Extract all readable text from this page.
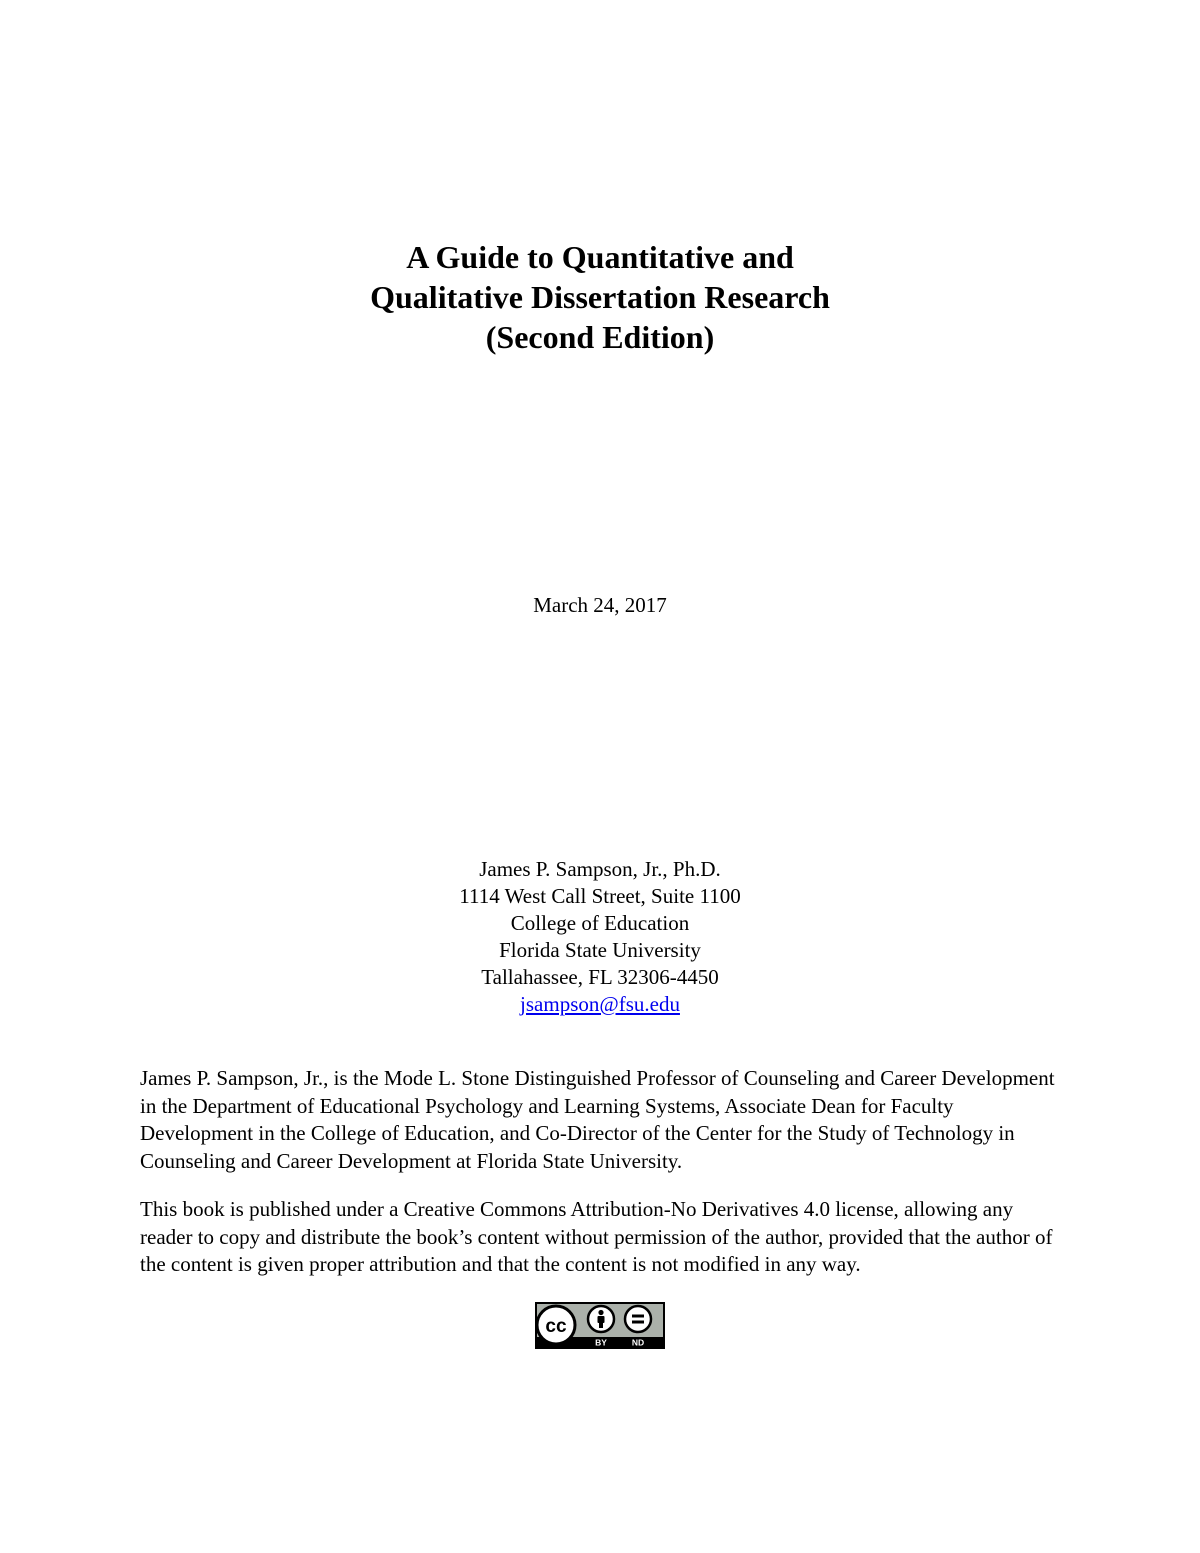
A Guide to Quantitative and
Qualitative Dissertation Research
(Second Edition)
March 24, 2017
James P. Sampson, Jr., Ph.D.
1114 West Call Street, Suite 1100
College of Education
Florida State University
Tallahassee, FL 32306-4450
jsampson@fsu.edu

James P. Sampson, Jr., is the Mode L. Stone Distinguished Professor of Counseling and Career Development in the Department of Educational Psychology and Learning Systems, Associate Dean for Faculty Development in the College of Education, and Co-Director of the Center for the Study of Technology in Counseling and Career Development at Florida State University.

This book is published under a Creative Commons Attribution-No Derivatives 4.0 license, allowing any reader to copy and distribute the book’s content without permission of the author, provided that the author of the content is given proper attribution and that the content is not modified in any way.

cc
BY	ND
